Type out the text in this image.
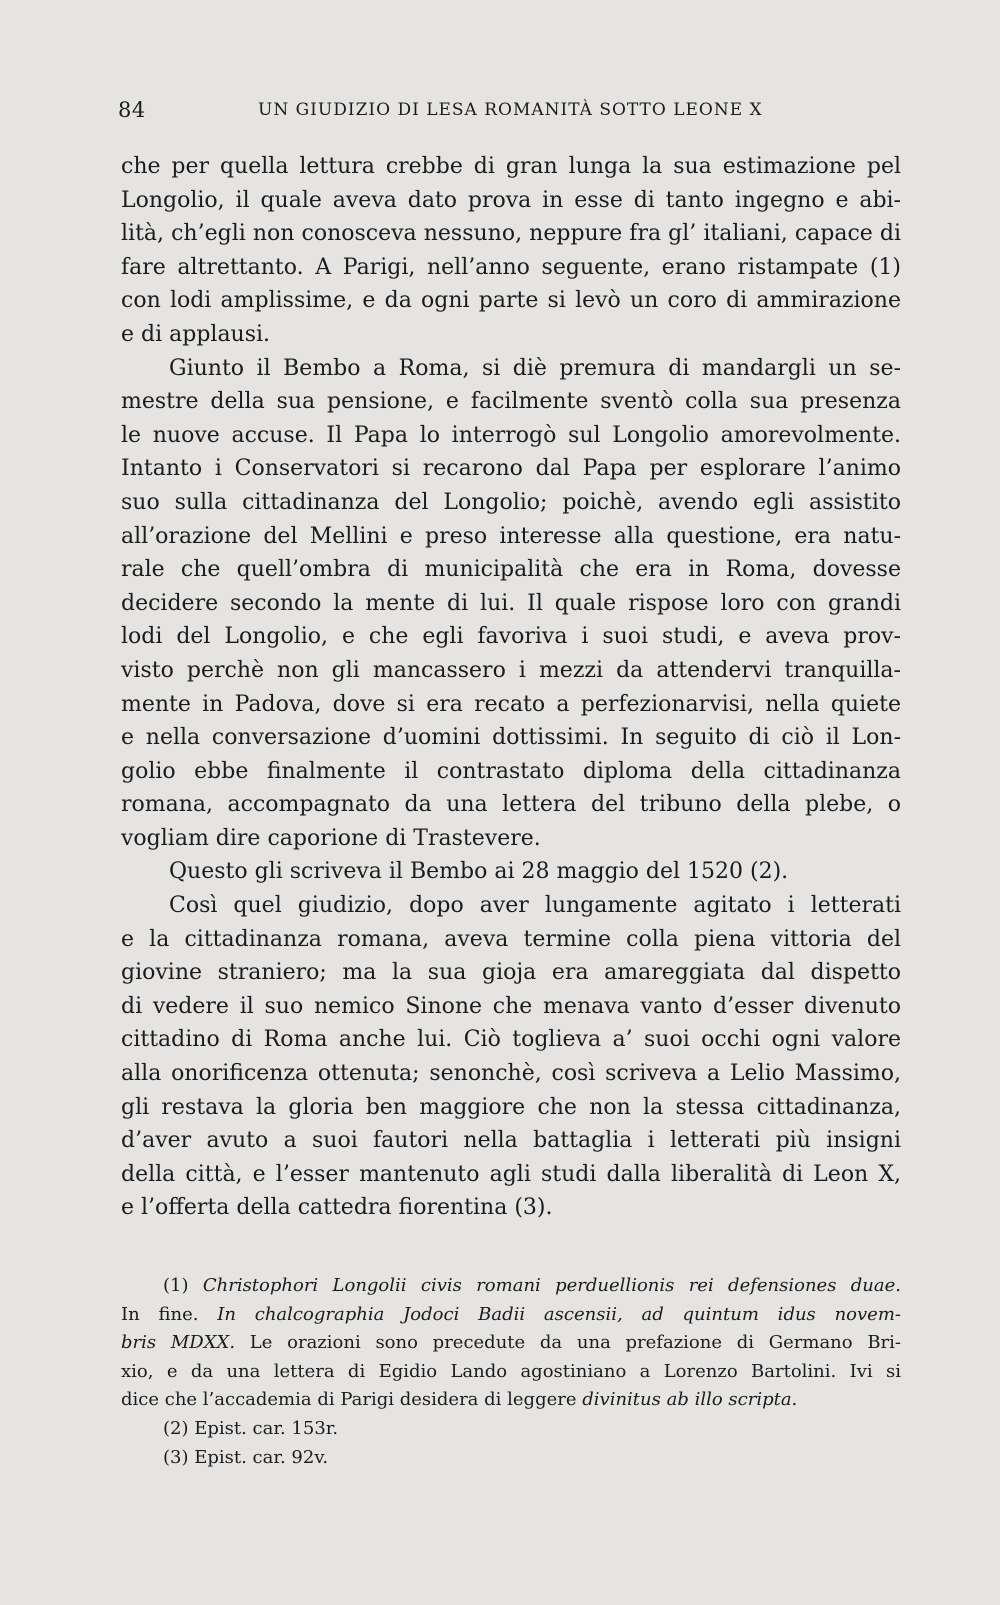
84	UN GIUDIZIO DI LESA ROMANITÀ SOTTO LEONE X
che per quella lettura crebbe di gran lunga la sua estimazione pel
Longolio, il quale aveva dato prova in esse di tanto ingegno e abi-
lità, ch’egli non conosceva nessuno, neppure fra gl’ italiani, capace di
fare altrettanto. A Parigi, nell’anno seguente, erano ristampate (1)
con lodi amplissime, e da ogni parte si levò un coro di ammirazione
e di applausi.
Giunto il Bembo a Roma, si diè premura di mandargli un se-
mestre della sua pensione, e facilmente sventò colla sua presenza
le nuove accuse. Il Papa lo interrogò sul Longolio amorevolmente.
Intanto i Conservatori si recarono dal Papa per esplorare l’animo
suo sulla cittadinanza del Longolio; poichè, avendo egli assistito
all’orazione del Mellini e preso interesse alla questione, era natu-
rale che quell’ombra di municipalità che era in Roma, dovesse
decidere secondo la mente di lui. Il quale rispose loro con grandi
lodi del Longolio, e che egli favoriva i suoi studi, e aveva prov-
visto perchè non gli mancassero i mezzi da attendervi tranquilla-
mente in Padova, dove si era recato a perfezionarvisi, nella quiete
e nella conversazione d’uomini dottissimi. In seguito di ciò il Lon-
golio ebbe finalmente il contrastato diploma della cittadinanza
romana, accompagnato da una lettera del tribuno della plebe, o
vogliam dire caporione di Trastevere.
Questo gli scriveva il Bembo ai 28 maggio del 1520 (2).
Così quel giudizio, dopo aver lungamente agitato i letterati
e la cittadinanza romana, aveva termine colla piena vittoria del
giovine straniero; ma la sua gioja era amareggiata dal dispetto
di vedere il suo nemico Sinone che menava vanto d’esser divenuto
cittadino di Roma anche lui. Ciò toglieva a’ suoi occhi ogni valore
alla onorificenza ottenuta; senonchè, così scriveva a Lelio Massimo,
gli restava la gloria ben maggiore che non la stessa cittadinanza,
d’aver avuto a suoi fautori nella battaglia i letterati più insigni
della città, e l’esser mantenuto agli studi dalla liberalità di Leon X,
e l’offerta della cattedra fiorentina (3).
(1) Christophori Longolii civis romani perduellionis rei defensiones duae.
In fine. In chalcographia Jodoci Badii ascensii, ad quintum idus novem-
bris MDXX. Le orazioni sono precedute da una prefazione di Germano Bri-
xio, e da una lettera di Egidio Lando agostiniano a Lorenzo Bartolini. Ivi si
dice che l’accademia di Parigi desidera di leggere divinitus ab illo scripta.
(2) Epist. car. 153r.
(3) Epist. car. 92v.
